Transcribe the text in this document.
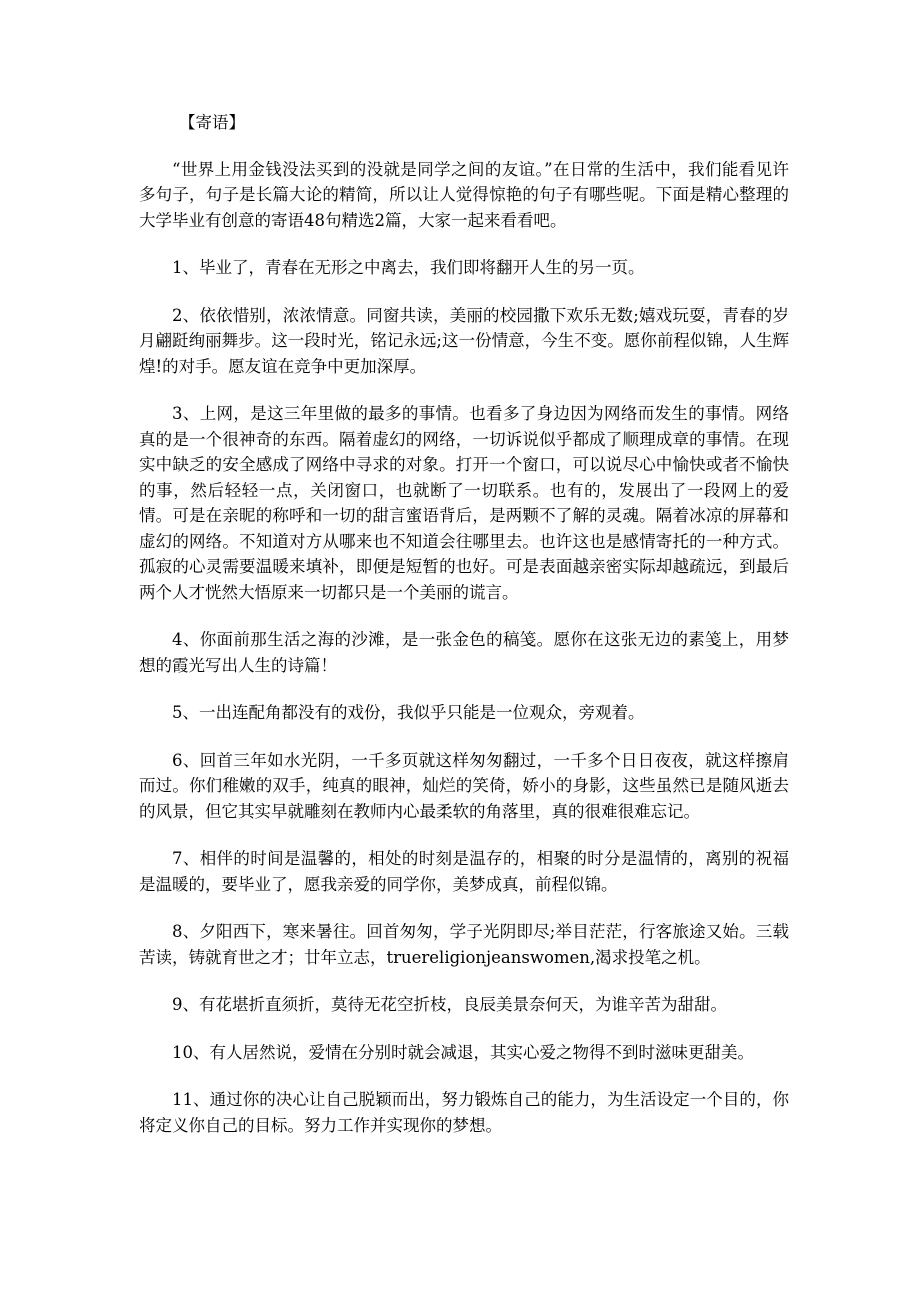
【寄语】

“世界上用金钱没法买到的没就是同学之间的友谊。”在日常的生活中，我们能看见许多句子，句子是长篇大论的精简，所以让人觉得惊艳的句子有哪些呢。下面是精心整理的大学毕业有创意的寄语48句精选2篇，大家一起来看看吧。

1、毕业了，青春在无形之中离去，我们即将翻开人生的另一页。

2、依依惜别，浓浓情意。同窗共读，美丽的校园撒下欢乐无数;嬉戏玩耍，青春的岁月翩跹绚丽舞步。这一段时光，铭记永远;这一份情意，今生不变。愿你前程似锦，人生辉煌!的对手。愿友谊在竞争中更加深厚。

3、上网，是这三年里做的最多的事情。也看多了身边因为网络而发生的事情。网络真的是一个很神奇的东西。隔着虚幻的网络，一切诉说似乎都成了顺理成章的事情。在现实中缺乏的安全感成了网络中寻求的对象。打开一个窗口，可以说尽心中愉快或者不愉快的事，然后轻轻一点，关闭窗口，也就断了一切联系。也有的，发展出了一段网上的爱情。可是在亲昵的称呼和一切的甜言蜜语背后，是两颗不了解的灵魂。隔着冰凉的屏幕和虚幻的网络。不知道对方从哪来也不知道会往哪里去。也许这也是感情寄托的一种方式。孤寂的心灵需要温暖来填补，即便是短暂的也好。可是表面越亲密实际却越疏远，到最后两个人才恍然大悟原来一切都只是一个美丽的谎言。

4、你面前那生活之海的沙滩，是一张金色的稿笺。愿你在这张无边的素笺上，用梦想的霞光写出人生的诗篇！

5、一出连配角都没有的戏份，我似乎只能是一位观众，旁观着。

6、回首三年如水光阴，一千多页就这样匆匆翻过，一千多个日日夜夜，就这样擦肩而过。你们稚嫩的双手，纯真的眼神，灿烂的笑倚，娇小的身影，这些虽然已是随风逝去的风景，但它其实早就雕刻在教师内心最柔软的角落里，真的很难很难忘记。

7、相伴的时间是温馨的，相处的时刻是温存的，相聚的时分是温情的，离别的祝福是温暖的，要毕业了，愿我亲爱的同学你，美梦成真，前程似锦。

8、夕阳西下，寒来暑往。回首匆匆，学子光阴即尽;举目茫茫，行客旅途又始。三载苦读，铸就育世之才；廿年立志，truereligionjeanswomen,渴求投笔之机。

9、有花堪折直须折，莫待无花空折枝，良辰美景奈何天，为谁辛苦为甜甜。

10、有人居然说，爱情在分别时就会减退，其实心爱之物得不到时滋味更甜美。

11、通过你的决心让自己脱颖而出，努力锻炼自己的能力，为生活设定一个目的，你将定义你自己的目标。努力工作并实现你的梦想。
